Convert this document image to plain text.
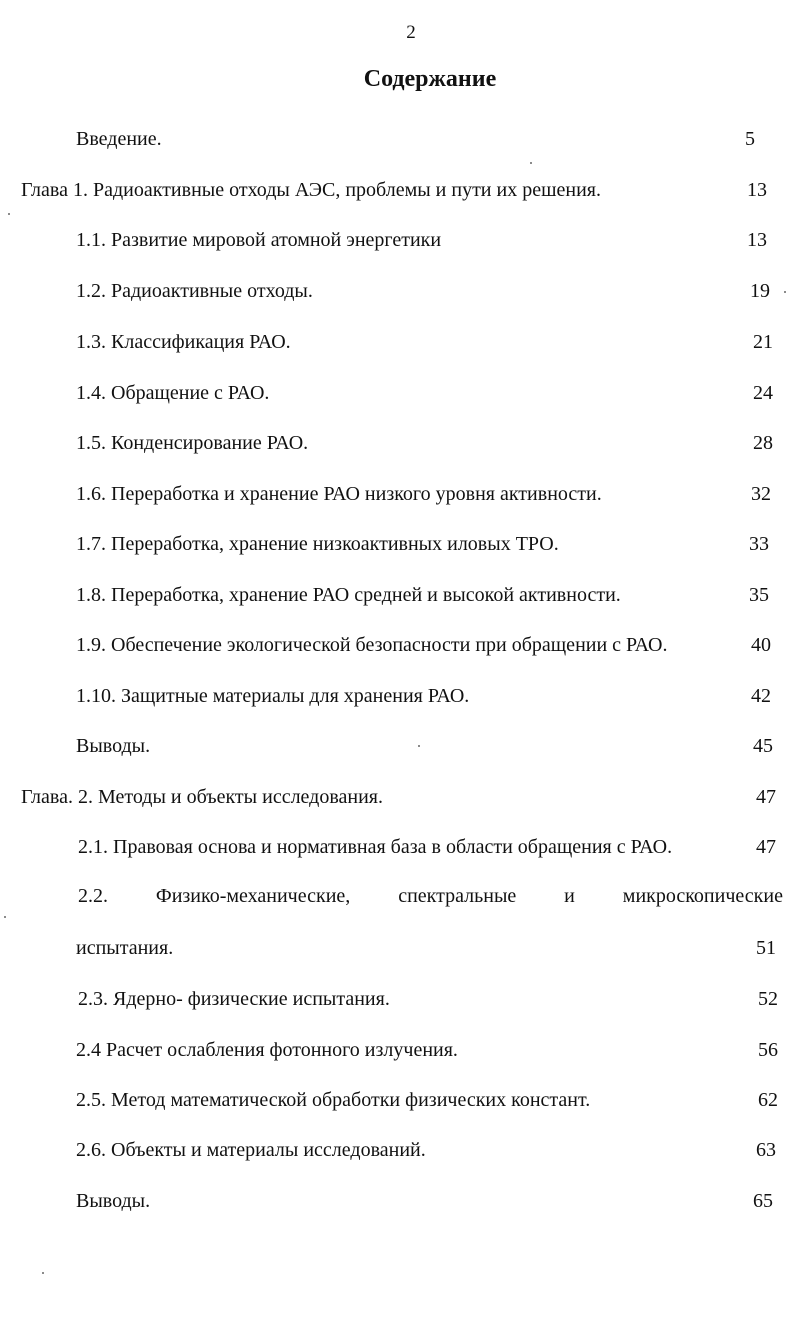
2
Содержание
Введение.	5
Глава 1. Радиоактивные отходы АЭС, проблемы и пути их решения.	13
1.1. Развитие мировой атомной энергетики	13
1.2. Радиоактивные отходы.	19
1.3. Классификация РАО.	21
1.4. Обращение с РАО.	24
1.5. Конденсирование РАО.	28
1.6. Переработка и хранение РАО низкого уровня активности.	32
1.7. Переработка, хранение низкоактивных иловых ТРО.	33
1.8. Переработка, хранение РАО средней и высокой активности.	35
1.9. Обеспечение экологической безопасности при обращении с РАО.	40
1.10. Защитные материалы для хранения РАО.	42
Выводы.	45
Глава. 2. Методы и объекты исследования.	47
2.1. Правовая основа и нормативная база в области обращения с РАО.	47
2.2. Физико-механические, спектральные и микроскопические
испытания.	51
2.3. Ядерно- физические испытания.	52
2.4 Расчет ослабления фотонного излучения.	56
2.5. Метод математической обработки физических констант.	62
2.6. Объекты и материалы исследований.	63
Выводы.	65
